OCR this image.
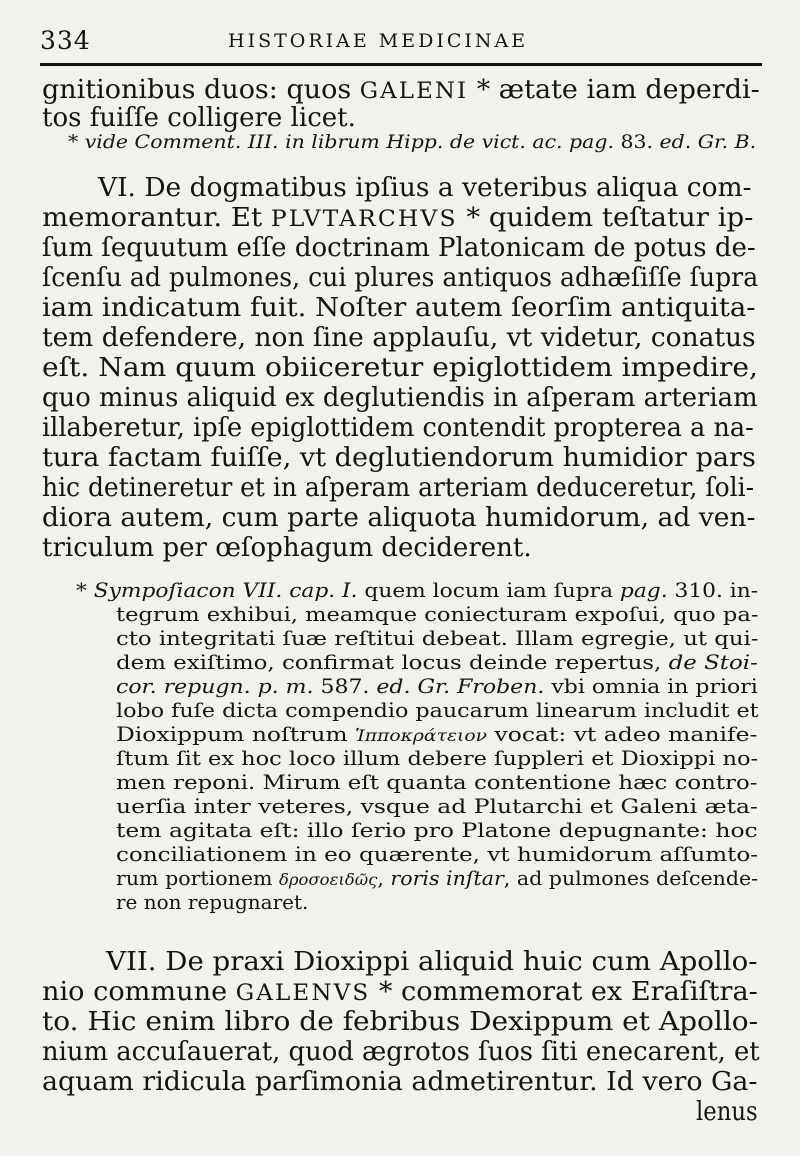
334	HISTORIAE MEDICINAE
gnitionibus duos: quos GALENI * ætate iam deperdi-
tos fuiſſe colligere licet.
* vide Comment. III. in librum Hipp. de vict. ac. pag. 83. ed. Gr. B.
VI. De dogmatibus ipſius a veteribus aliqua com-
memorantur. Et PLVTARCHVS * quidem teſtatur ip-
ſum ſequutum eſſe doctrinam Platonicam de potus de-
ſcenſu ad pulmones, cui plures antiquos adhæſiſſe ſupra
iam indicatum fuit. Noſter autem ſeorſim antiquita-
tem defendere, non ſine applauſu, vt videtur, conatus
eſt. Nam quum obiiceretur epiglottidem impedire,
quo minus aliquid ex deglutiendis in aſperam arteriam
illaberetur, ipſe epiglottidem contendit propterea a na-
tura factam fuiſſe, vt deglutiendorum humidior pars
hic detineretur et in aſperam arteriam deduceretur, ſoli-
diora autem, cum parte aliquota humidorum, ad ven-
triculum per œſophagum deciderent.
* Sympoſiacon VII. cap. I. quem locum iam ſupra pag. 310. in-
tegrum exhibui, meamque coniecturam expoſui, quo pa-
cto integritati ſuæ reſtitui debeat. Illam egregie, ut qui-
dem exiſtimo, confirmat locus deinde repertus, de Stoi-
cor. repugn. p. m. 587. ed. Gr. Froben. vbi omnia in priori
lobo fuſe dicta compendio paucarum linearum includit et
Dioxippum noſtrum Ἱπποκράτειον vocat: vt adeo manife-
ſtum ſit ex hoc loco illum debere ſuppleri et Dioxippi no-
men reponi. Mirum eſt quanta contentione hæc contro-
uerſia inter veteres, vsque ad Plutarchi et Galeni æta-
tem agitata eſt: illo ſerio pro Platone depugnante: hoc
conciliationem in eo quærente, vt humidorum aſſumto-
rum portionem δροσοειδῶς, roris inſtar, ad pulmones deſcende-
re non repugnaret.
VII. De praxi Dioxippi aliquid huic cum Apollo-
nio commune GALENVS * commemorat ex Eraſiſtra-
to. Hic enim libro de febribus Dexippum et Apollo-
nium accuſauerat, quod ægrotos ſuos ſiti enecarent, et
aquam ridicula parſimonia admetirentur. Id vero Ga-
lenus
